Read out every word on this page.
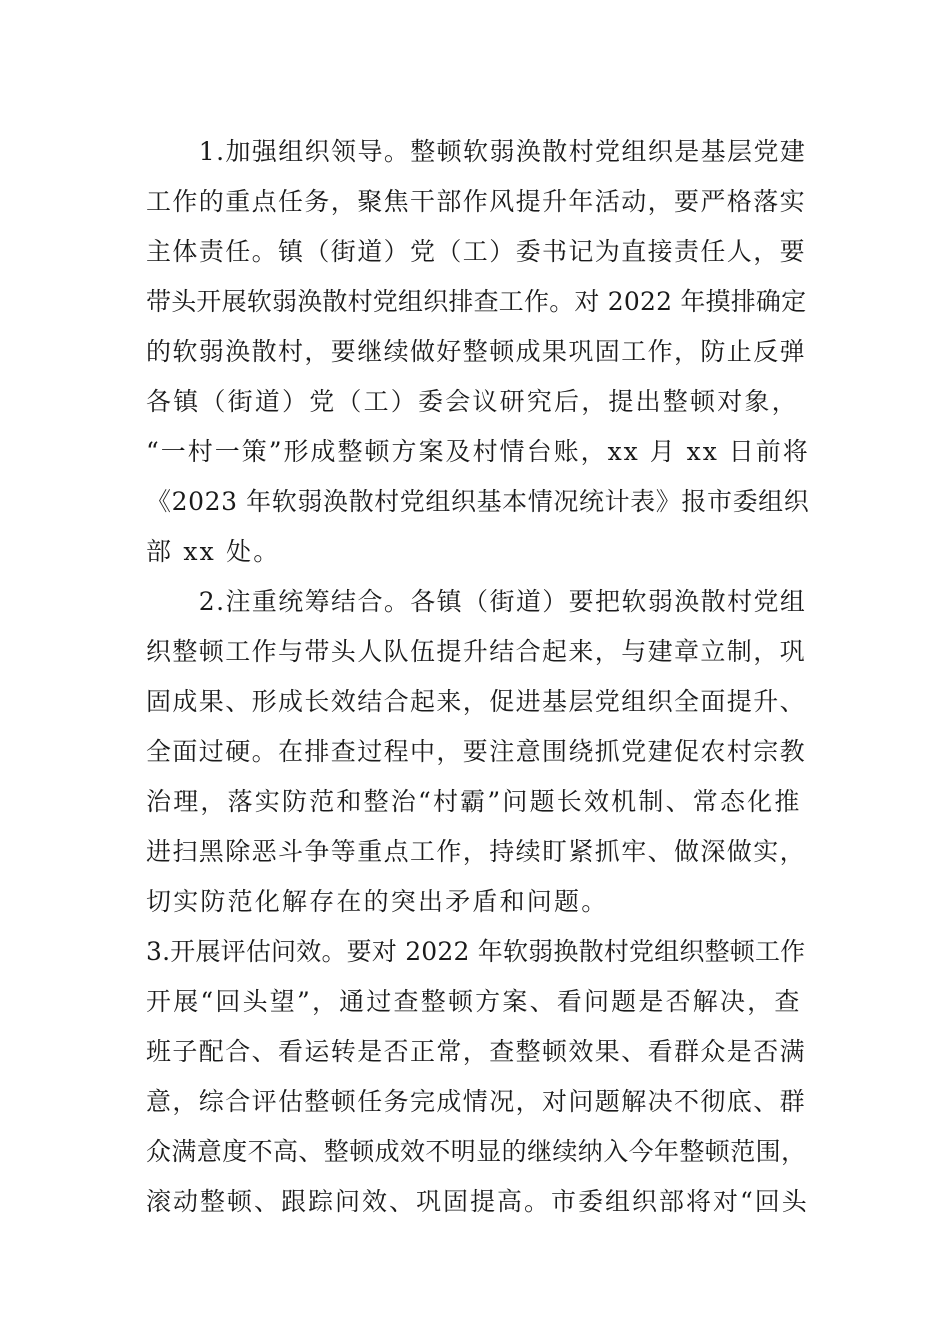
　　1.加强组织领导。整顿软弱涣散村党组织是基层党建
工作的重点任务，聚焦干部作风提升年活动，要严格落实
主体责任。镇（街道）党（工）委书记为直接责任人，要
带头开展软弱涣散村党组织排查工作。对 2022 年摸排确定
的软弱涣散村，要继续做好整顿成果巩固工作，防止反弹
各镇（街道）党（工）委会议研究后，提出整顿对象，
“一村一策”形成整顿方案及村情台账，xx 月 xx 日前将
《2023 年软弱涣散村党组织基本情况统计表》报市委组织
部 xx 处。
　　2.注重统筹结合。各镇（街道）要把软弱涣散村党组
织整顿工作与带头人队伍提升结合起来，与建章立制，巩
固成果、形成长效结合起来，促进基层党组织全面提升、
全面过硬。在排查过程中，要注意围绕抓党建促农村宗教
治理，落实防范和整治“村霸”问题长效机制、常态化推
进扫黑除恶斗争等重点工作，持续盯紧抓牢、做深做实，
切实防范化解存在的突出矛盾和问题。
3.开展评估问效。要对 2022 年软弱换散村党组织整顿工作
开展“回头望”，通过查整顿方案、看问题是否解决，查
班子配合、看运转是否正常，查整顿效果、看群众是否满
意，综合评估整顿任务完成情况，对问题解决不彻底、群
众满意度不高、整顿成效不明显的继续纳入今年整顿范围，
滚动整顿、跟踪问效、巩固提高。市委组织部将对“回头
